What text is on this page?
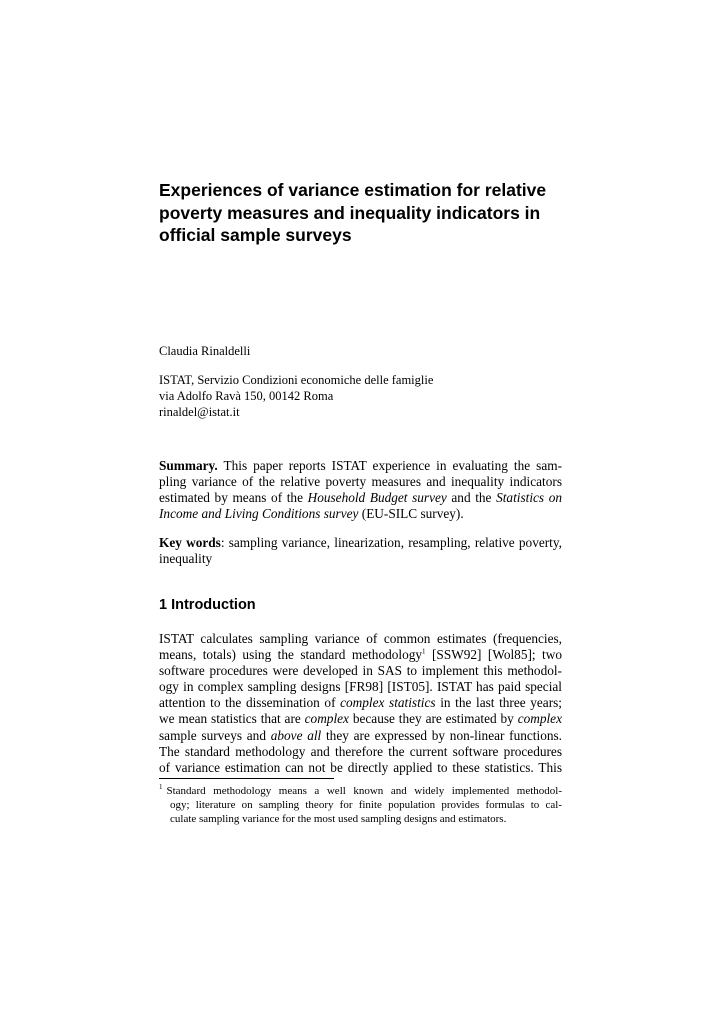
Experiences of variance estimation for relative
poverty measures and inequality indicators in
official sample surveys
Claudia Rinaldelli
ISTAT, Servizio Condizioni economiche delle famiglie
via Adolfo Ravà 150, 00142 Roma
rinaldel@istat.it
Summary. This paper reports ISTAT experience in evaluating the sam-
pling variance of the relative poverty measures and inequality indicators
estimated by means of the Household Budget survey and the Statistics on
Income and Living Conditions survey (EU-SILC survey).
Key words: sampling variance, linearization, resampling, relative poverty,
inequality
1 Introduction
ISTAT calculates sampling variance of common estimates (frequencies,
means, totals) using the standard methodology$^1$ [SSW92] [Wol85]; two
software procedures were developed in SAS to implement this methodol-
ogy in complex sampling designs [FR98] [IST05]. ISTAT has paid special
attention to the dissemination of complex statistics in the last three years;
we mean statistics that are complex because they are estimated by complex
sample surveys and above all they are expressed by non-linear functions.
The standard methodology and therefore the current software procedures
of variance estimation can not be directly applied to these statistics. This
$^1$ Standard methodology means a well known and widely implemented methodol-
ogy; literature on sampling theory for finite population provides formulas to cal-
culate sampling variance for the most used sampling designs and estimators.
